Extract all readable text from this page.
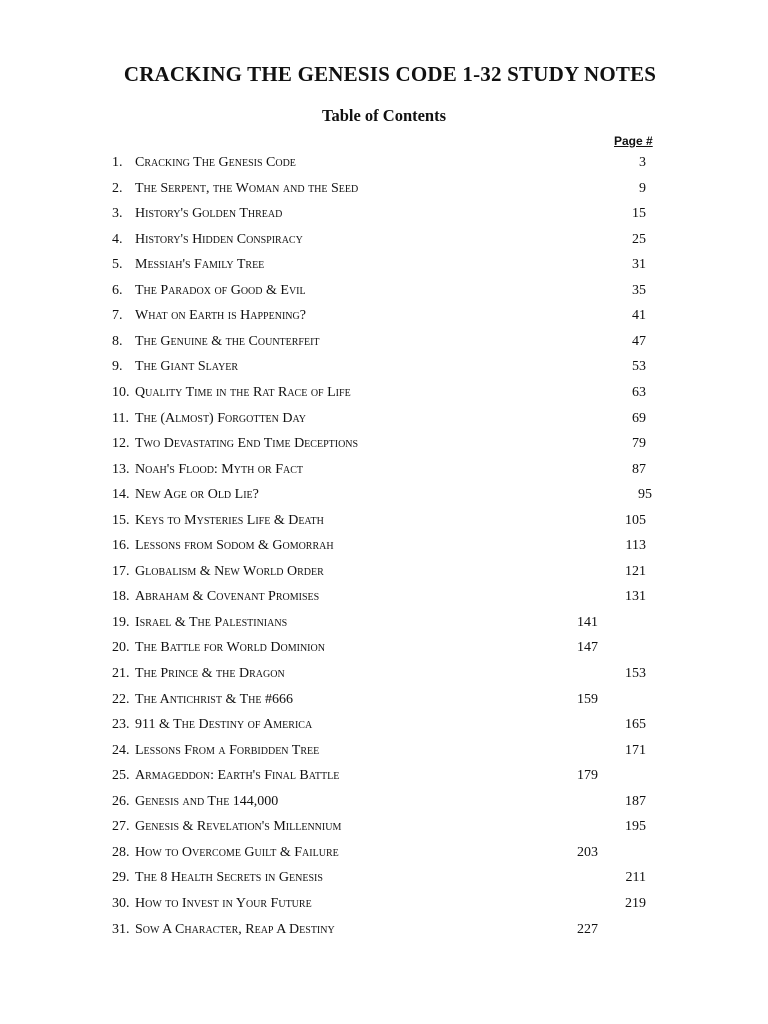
CRACKING THE GENESIS CODE 1-32 STUDY NOTES
Table of Contents
Page #
1. Cracking The Genesis Code	3
2. The Serpent, the Woman and the Seed	9
3. History's Golden Thread	15
4. History's Hidden Conspiracy	25
5. Messiah's Family Tree	31
6. The Paradox of Good & Evil	35
7. What on Earth is Happening?	41
8. The Genuine & the Counterfeit	47
9. The Giant Slayer	53
10. Quality Time in the Rat Race of Life	63
11. The (Almost) Forgotten Day	69
12. Two Devastating End Time Deceptions	79
13. Noah's Flood: Myth or Fact	87
14. New Age or Old Lie?	95
15. Keys to Mysteries Life & Death	105
16. Lessons from Sodom & Gomorrah	113
17. Globalism & New World Order	121
18. Abraham & Covenant Promises	131
19. Israel & The Palestinians	141
20. The Battle for World Dominion	147
21. The Prince & the Dragon	153
22. The Antichrist & The #666	159
23. 911 & The Destiny of America	165
24. Lessons From a Forbidden Tree	171
25. Armageddon: Earth's Final Battle	179
26. Genesis and The 144,000	187
27. Genesis & Revelation's Millennium	195
28. How to Overcome Guilt & Failure	203
29. The 8 Health Secrets in Genesis	211
30. How to Invest in Your Future	219
31. Sow A Character, Reap A Destiny	227
